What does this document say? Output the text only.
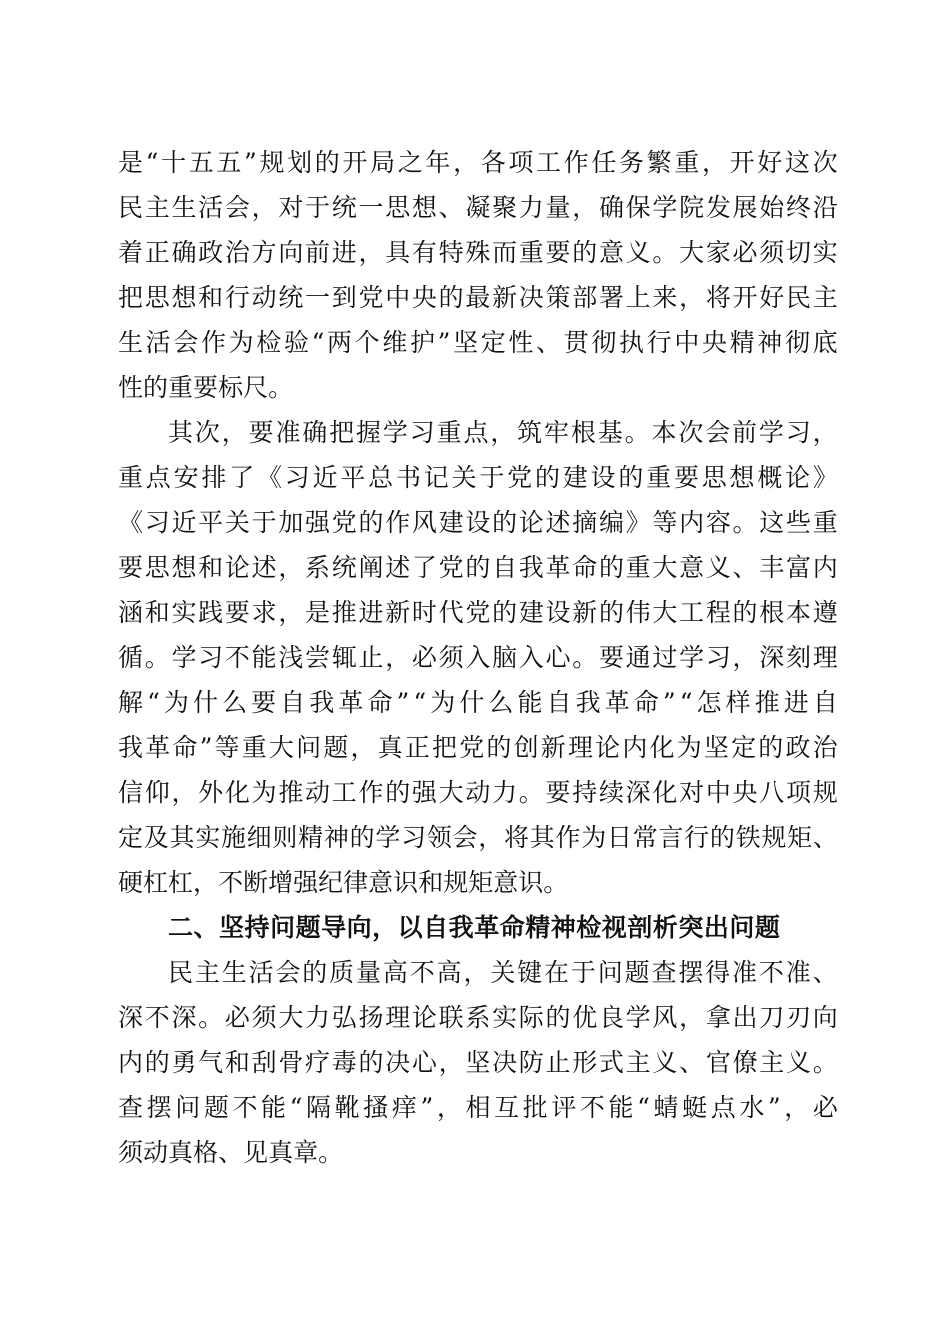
是 “ 十 五 五 ” 规 划 的 开 局 之 年 ， 各 项 工 作 任 务 繁 重 ， 开 好 这 次
民 主 生 活 会 ， 对 于 统 一 思 想 、 凝 聚 力 量 ， 确 保 学 院 发 展 始 终 沿
着 正 确 政 治 方 向 前 进 ， 具 有 特 殊 而 重 要 的 意 义 。 大 家 必 须 切 实
把 思 想 和 行 动 统 一 到 党 中 央 的 最 新 决 策 部 署 上 来 ， 将 开 好 民 主
生 活 会 作 为 检 验 “ 两 个 维 护 ” 坚 定 性 、 贯 彻 执 行 中 央 精 神 彻 底
性 的 重 要 标 尺 。
其 次 ， 要 准 确 把 握 学 习 重 点 ， 筑 牢 根 基 。 本 次 会 前 学 习 ，
重 点 安 排 了 《 习 近 平 总 书 记 关 于 党 的 建 设 的 重 要 思 想 概 论 》
《 习 近 平 关 于 加 强 党 的 作 风 建 设 的 论 述 摘 编 》 等 内 容 。 这 些 重
要 思 想 和 论 述 ， 系 统 阐 述 了 党 的 自 我 革 命 的 重 大 意 义 、 丰 富 内
涵 和 实 践 要 求 ， 是 推 进 新 时 代 党 的 建 设 新 的 伟 大 工 程 的 根 本 遵
循 。 学 习 不 能 浅 尝 辄 止 ， 必 须 入 脑 入 心 。 要 通 过 学 习 ， 深 刻 理
解 “ 为 什 么 要 自 我 革 命 ” “ 为 什 么 能 自 我 革 命 ” “ 怎 样 推 进 自
我 革 命 ” 等 重 大 问 题 ， 真 正 把 党 的 创 新 理 论 内 化 为 坚 定 的 政 治
信 仰 ， 外 化 为 推 动 工 作 的 强 大 动 力 。 要 持 续 深 化 对 中 央 八 项 规
定 及 其 实 施 细 则 精 神 的 学 习 领 会 ， 将 其 作 为 日 常 言 行 的 铁 规 矩 、
硬 杠 杠 ， 不 断 增 强 纪 律 意 识 和 规 矩 意 识 。
二 、 坚 持 问 题 导 向 ， 以 自 我 革 命 精 神 检 视 剖 析 突 出 问 题
民 主 生 活 会 的 质 量 高 不 高 ， 关 键 在 于 问 题 查 摆 得 准 不 准 、
深 不 深 。 必 须 大 力 弘 扬 理 论 联 系 实 际 的 优 良 学 风 ， 拿 出 刀 刃 向
内 的 勇 气 和 刮 骨 疗 毒 的 决 心 ， 坚 决 防 止 形 式 主 义 、 官 僚 主 义 。
查 摆 问 题 不 能 “ 隔 靴 搔 痒 ” ， 相 互 批 评 不 能 “ 蜻 蜓 点 水 ” ， 必
须 动 真 格 、 见 真 章 。
